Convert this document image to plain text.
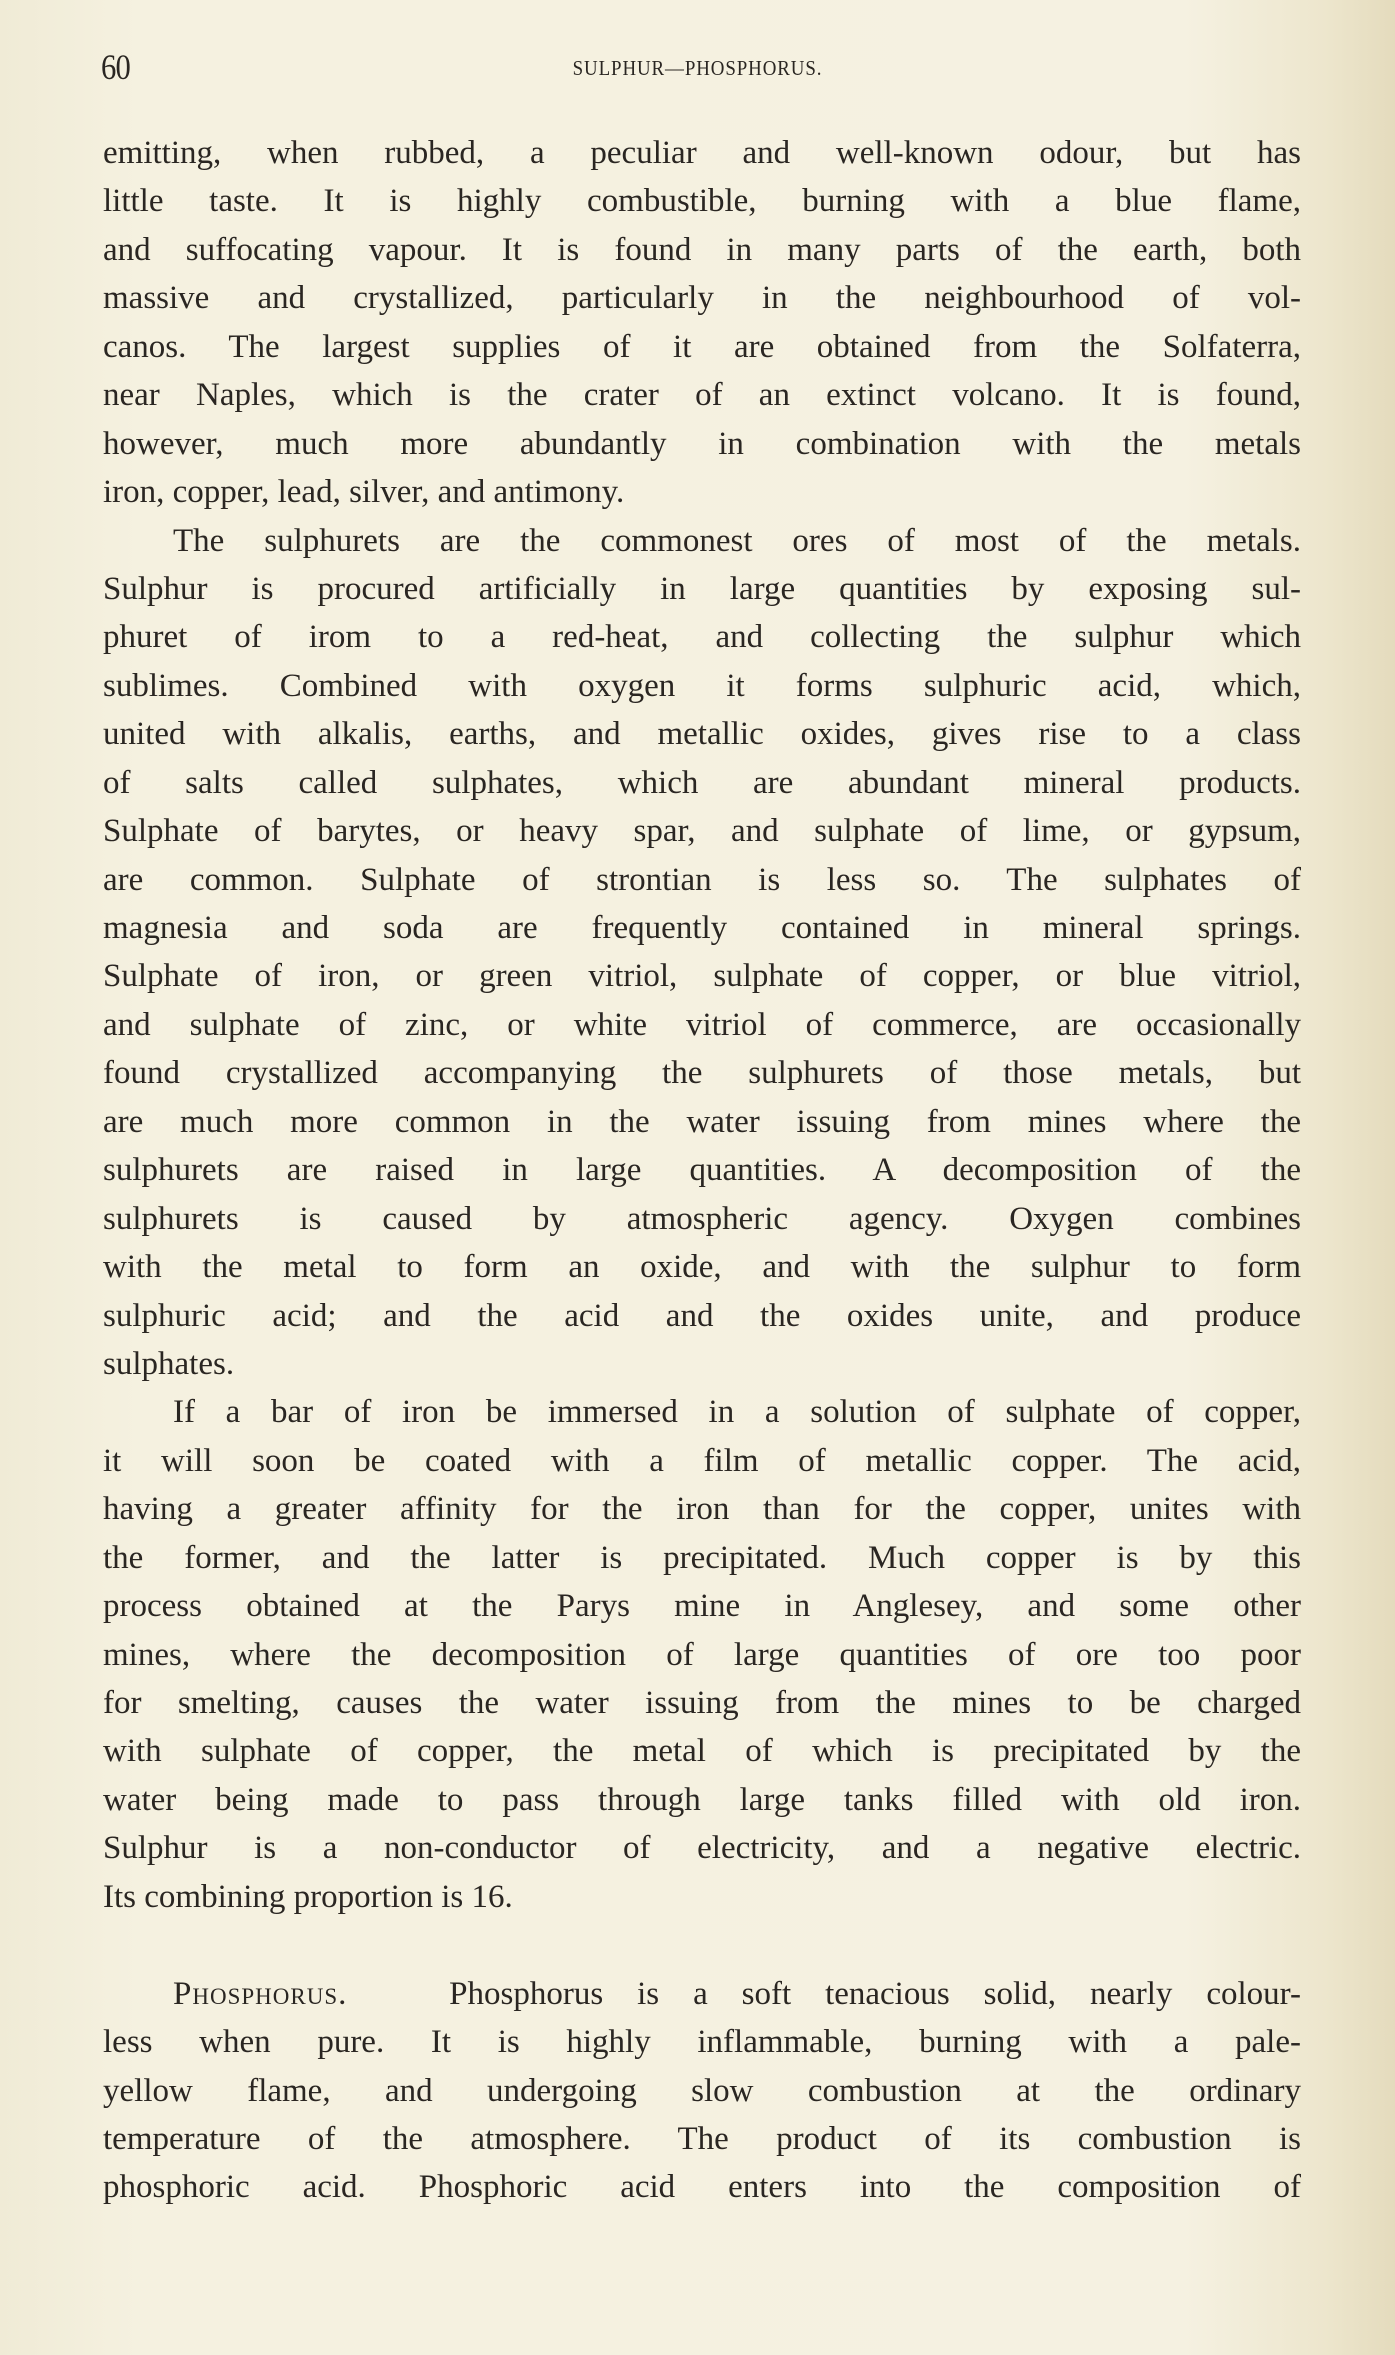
60	SULPHUR—PHOSPHORUS.
emitting, when rubbed, a peculiar and well-known odour, but has
little taste. It is highly combustible, burning with a blue flame,
and suffocating vapour. It is found in many parts of the earth, both
massive and crystallized, particularly in the neighbourhood of vol-
canos. The largest supplies of it are obtained from the Solfaterra,
near Naples, which is the crater of an extinct volcano. It is found,
however, much more abundantly in combination with the metals
iron, copper, lead, silver, and antimony.
The sulphurets are the commonest ores of most of the metals.
Sulphur is procured artificially in large quantities by exposing sul-
phuret of irom to a red-heat, and collecting the sulphur which
sublimes. Combined with oxygen it forms sulphuric acid, which,
united with alkalis, earths, and metallic oxides, gives rise to a class
of salts called sulphates, which are abundant mineral products.
Sulphate of barytes, or heavy spar, and sulphate of lime, or gypsum,
are common. Sulphate of strontian is less so. The sulphates of
magnesia and soda are frequently contained in mineral springs.
Sulphate of iron, or green vitriol, sulphate of copper, or blue vitriol,
and sulphate of zinc, or white vitriol of commerce, are occasionally
found crystallized accompanying the sulphurets of those metals, but
are much more common in the water issuing from mines where the
sulphurets are raised in large quantities. A decomposition of the
sulphurets is caused by atmospheric agency. Oxygen combines
with the metal to form an oxide, and with the sulphur to form
sulphuric acid; and the acid and the oxides unite, and produce
sulphates.
If a bar of iron be immersed in a solution of sulphate of copper,
it will soon be coated with a film of metallic copper. The acid,
having a greater affinity for the iron than for the copper, unites with
the former, and the latter is precipitated. Much copper is by this
process obtained at the Parys mine in Anglesey, and some other
mines, where the decomposition of large quantities of ore too poor
for smelting, causes the water issuing from the mines to be charged
with sulphate of copper, the metal of which is precipitated by the
water being made to pass through large tanks filled with old iron.
Sulphur is a non-conductor of electricity, and a negative electric.
Its combining proportion is 16.
Phosphorus.	Phosphorus is a soft tenacious solid, nearly colour-
less when pure. It is highly inflammable, burning with a pale-
yellow flame, and undergoing slow combustion at the ordinary
temperature of the atmosphere. The product of its combustion is
phosphoric acid. Phosphoric acid enters into the composition of
